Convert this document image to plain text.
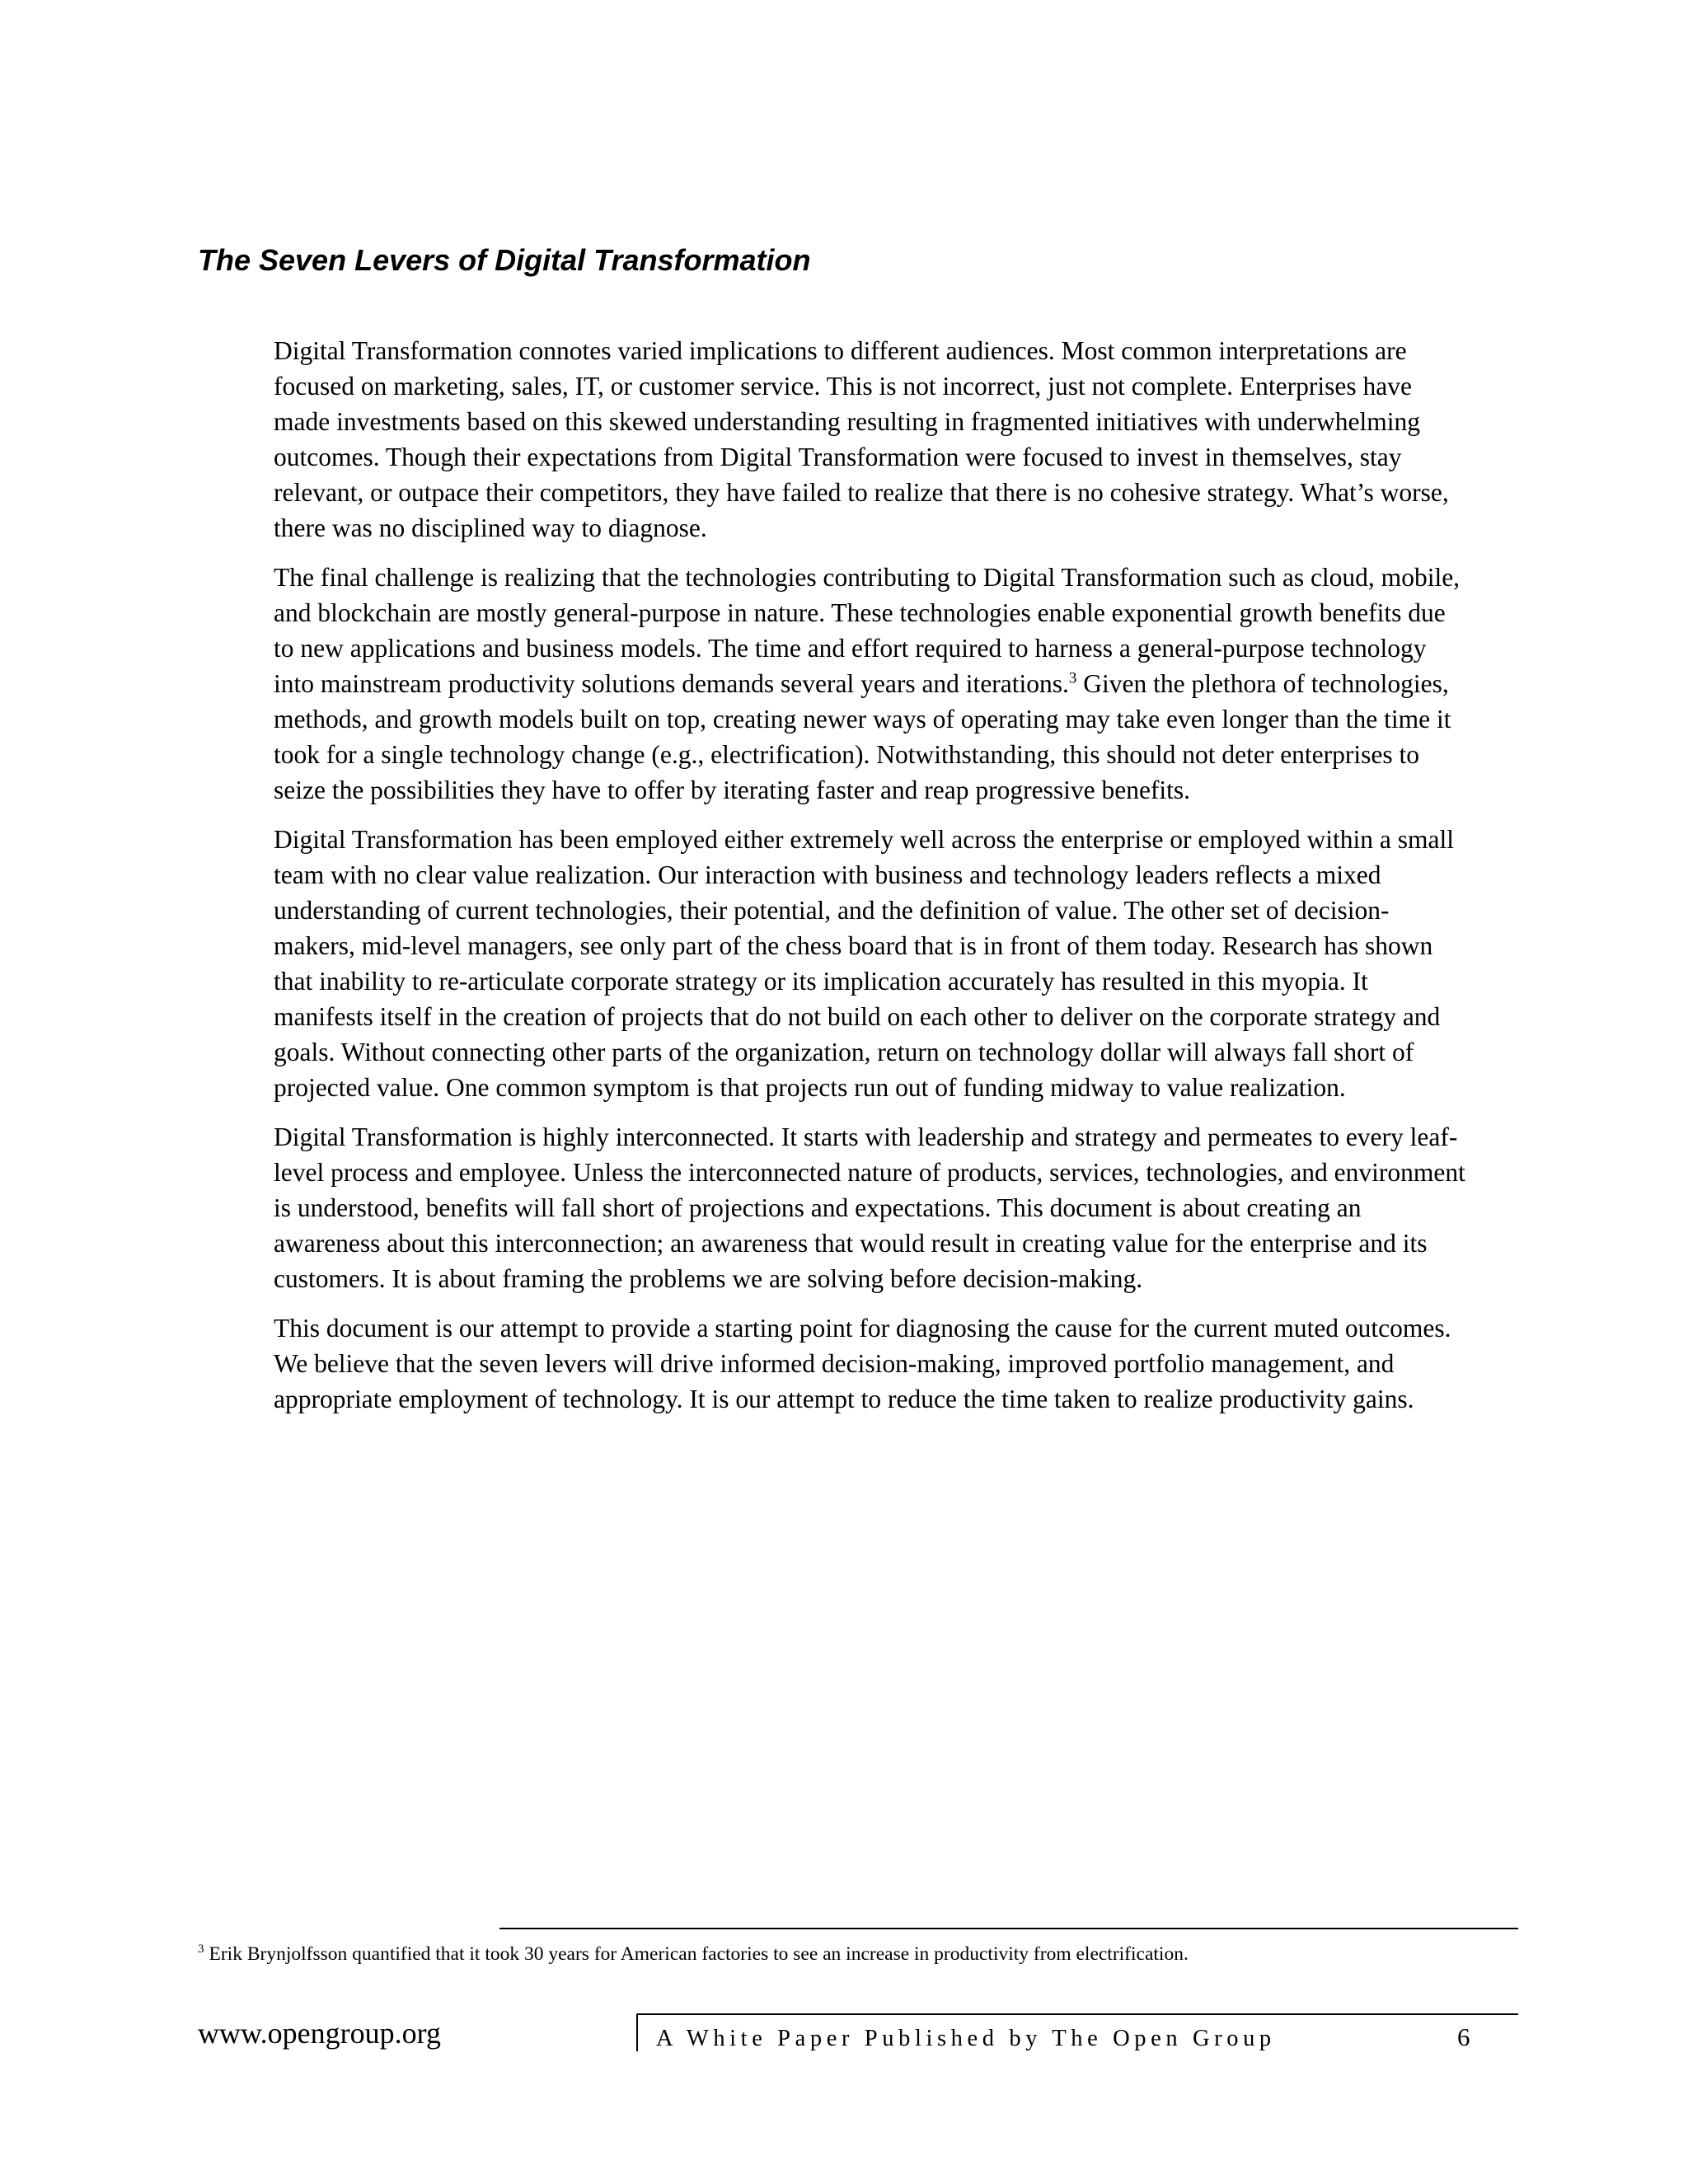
The Seven Levers of Digital Transformation

Digital Transformation connotes varied implications to different audiences. Most common interpretations are focused on marketing, sales, IT, or customer service. This is not incorrect, just not complete. Enterprises have made investments based on this skewed understanding resulting in fragmented initiatives with underwhelming outcomes. Though their expectations from Digital Transformation were focused to invest in themselves, stay relevant, or outpace their competitors, they have failed to realize that there is no cohesive strategy. What’s worse, there was no disciplined way to diagnose.

The final challenge is realizing that the technologies contributing to Digital Transformation such as cloud, mobile, and blockchain are mostly general-purpose in nature. These technologies enable exponential growth benefits due to new applications and business models. The time and effort required to harness a general-purpose technology into mainstream productivity solutions demands several years and iterations.$^3$ Given the plethora of technologies, methods, and growth models built on top, creating newer ways of operating may take even longer than the time it took for a single technology change (e.g., electrification). Notwithstanding, this should not deter enterprises to seize the possibilities they have to offer by iterating faster and reap progressive benefits.

Digital Transformation has been employed either extremely well across the enterprise or employed within a small team with no clear value realization. Our interaction with business and technology leaders reflects a mixed understanding of current technologies, their potential, and the definition of value. The other set of decision-makers, mid-level managers, see only part of the chess board that is in front of them today. Research has shown that inability to re-articulate corporate strategy or its implication accurately has resulted in this myopia. It manifests itself in the creation of projects that do not build on each other to deliver on the corporate strategy and goals. Without connecting other parts of the organization, return on technology dollar will always fall short of projected value. One common symptom is that projects run out of funding midway to value realization.

Digital Transformation is highly interconnected. It starts with leadership and strategy and permeates to every leaf-level process and employee. Unless the interconnected nature of products, services, technologies, and environment is understood, benefits will fall short of projections and expectations. This document is about creating an awareness about this interconnection; an awareness that would result in creating value for the enterprise and its customers. It is about framing the problems we are solving before decision-making.

This document is our attempt to provide a starting point for diagnosing the cause for the current muted outcomes. We believe that the seven levers will drive informed decision-making, improved portfolio management, and appropriate employment of technology. It is our attempt to reduce the time taken to realize productivity gains.

$^3$ Erik Brynjolfsson quantified that it took 30 years for American factories to see an increase in productivity from electrification.
www.opengroup.org	A White Paper Published by The Open Group	6
